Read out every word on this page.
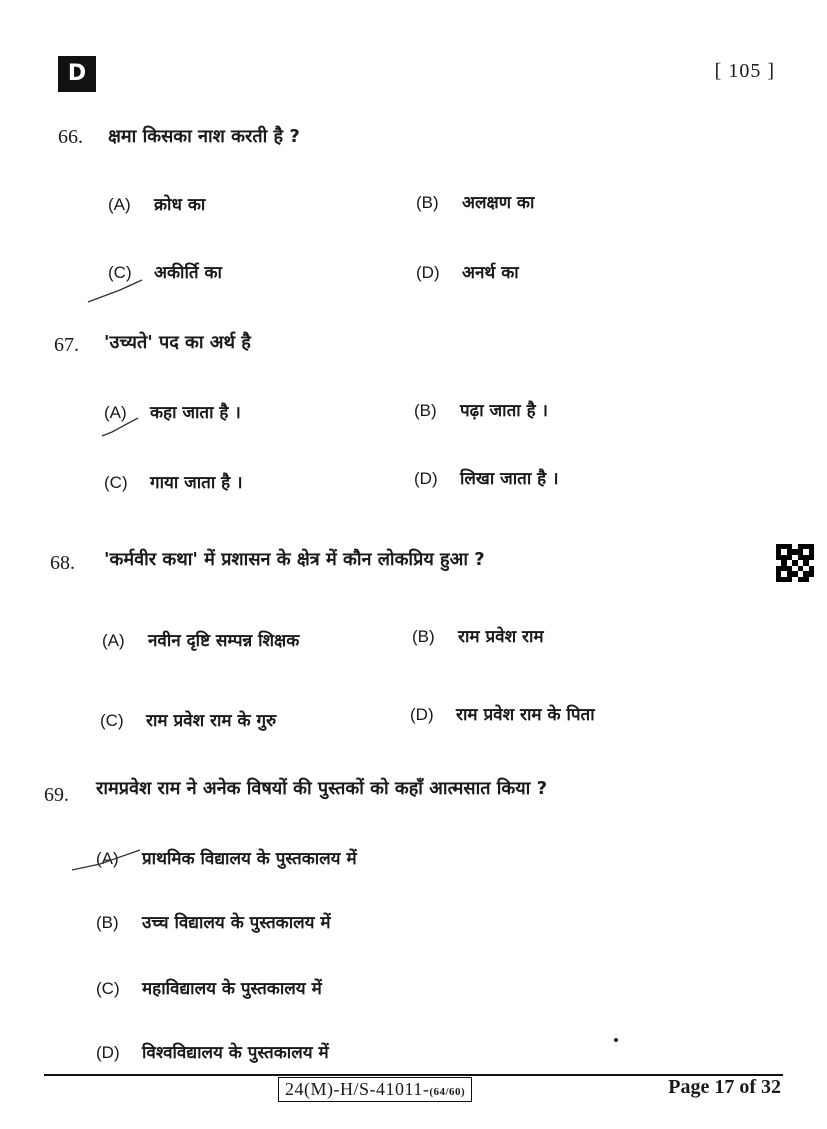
D	[ 105 ]
66. क्षमा किसका नाश करती है ?
(A) क्रोध का	(B) अलक्षण का
(C) अकीर्ति का	(D) अनर्थ का
67. 'उच्यते' पद का अर्थ है
(A) कहा जाता है ।	(B) पढ़ा जाता है ।
(C) गाया जाता है ।	(D) लिखा जाता है ।
68. 'कर्मवीर कथा' में प्रशासन के क्षेत्र में कौन लोकप्रिय हुआ ?
(A) नवीन दृष्टि सम्पन्न शिक्षक	(B) राम प्रवेश राम
(C) राम प्रवेश राम के गुरु	(D) राम प्रवेश राम के पिता
69. रामप्रवेश राम ने अनेक विषयों की पुस्तकों को कहाँ आत्मसात किया ?
(A) प्राथमिक विद्यालय के पुस्तकालय में
(B) उच्च विद्यालय के पुस्तकालय में
(C) महाविद्यालय के पुस्तकालय में
(D) विश्वविद्यालय के पुस्तकालय में
24(M)-H/S-41011-(64/60)	Page 17 of 32
